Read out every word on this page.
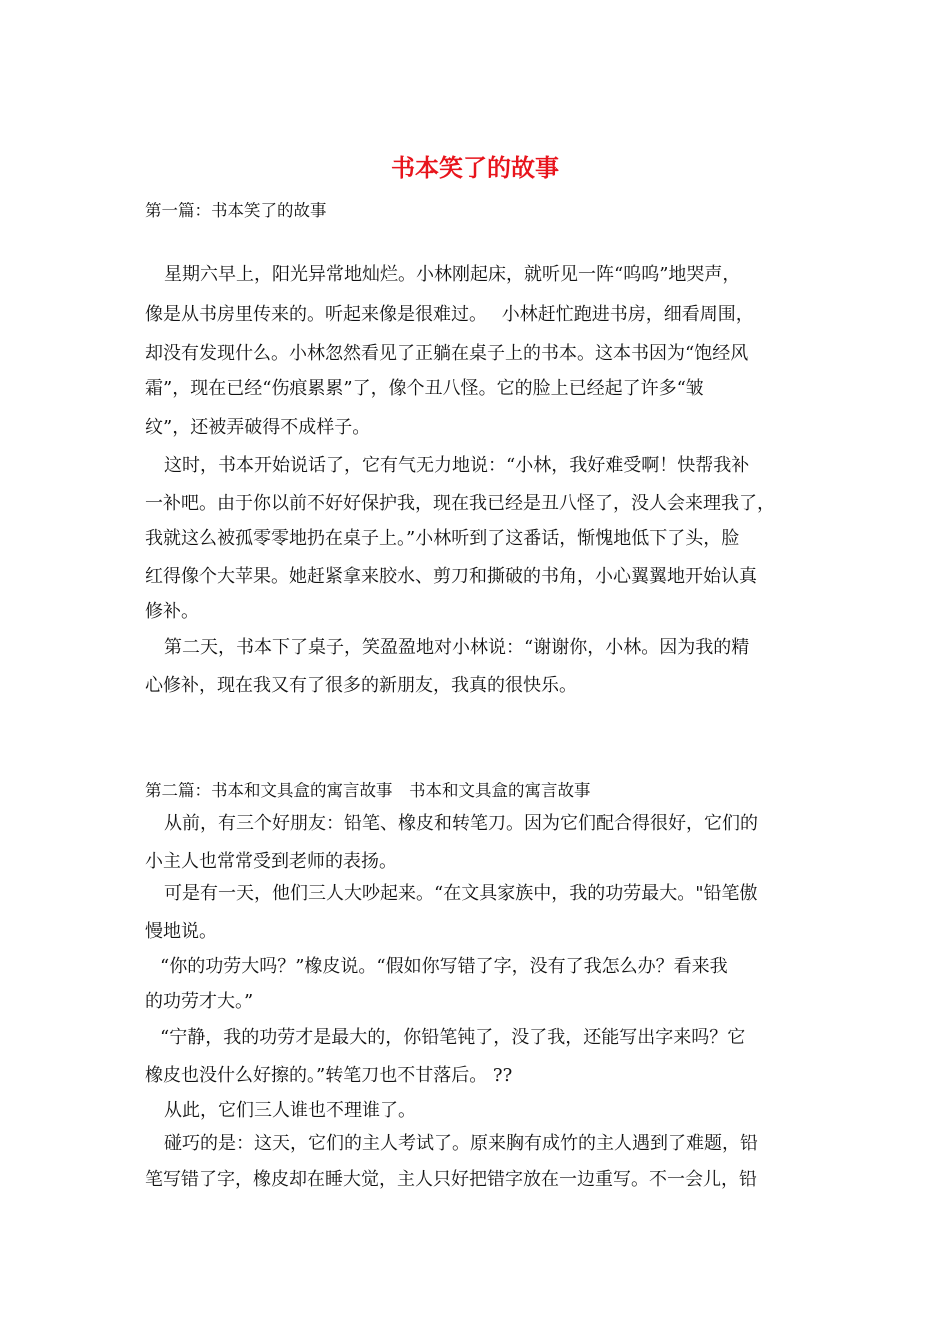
书本笑了的故事
第一篇：书本笑了的故事
星期六早上，阳光异常地灿烂。小林刚起床，就听见一阵“呜呜”地哭声，
像是从书房里传来的。听起来像是很难过。　 小林赶忙跑进书房，细看周围，
却没有发现什么。小林忽然看见了正躺在桌子上的书本。这本书因为“饱经风
霜”，现在已经“伤痕累累”了，像个丑八怪。它的脸上已经起了许多“皱
纹”，还被弄破得不成样子。
这时，书本开始说话了，它有气无力地说：“小林，我好难受啊！快帮我补
一补吧。由于你以前不好好保护我，现在我已经是丑八怪了，没人会来理我了，
我就这么被孤零零地扔在桌子上。”小林听到了这番话，惭愧地低下了头，脸
红得像个大苹果。她赶紧拿来胶水、剪刀和撕破的书角，小心翼翼地开始认真
修补。
第二天，书本下了桌子，笑盈盈地对小林说：“谢谢你，小林。因为我的精
心修补，现在我又有了很多的新朋友，我真的很快乐。
第二篇：书本和文具盒的寓言故事　书本和文具盒的寓言故事
从前，有三个好朋友：铅笔、橡皮和转笔刀。因为它们配合得很好，它们的
小主人也常常受到老师的表扬。
可是有一天，他们三人大吵起来。“在文具家族中，我的功劳最大。"铅笔傲
慢地说。
“你的功劳大吗？”橡皮说。“假如你写错了字，没有了我怎么办？看来我
的功劳才大。”
“宁静，我的功劳才是最大的，你铅笔钝了，没了我，还能写出字来吗？它
橡皮也没什么好擦的。”转笔刀也不甘落后。 ??
从此，它们三人谁也不理谁了。
碰巧的是：这天，它们的主人考试了。原来胸有成竹的主人遇到了难题，铅
笔写错了字，橡皮却在睡大觉，主人只好把错字放在一边重写。不一会儿，铅
